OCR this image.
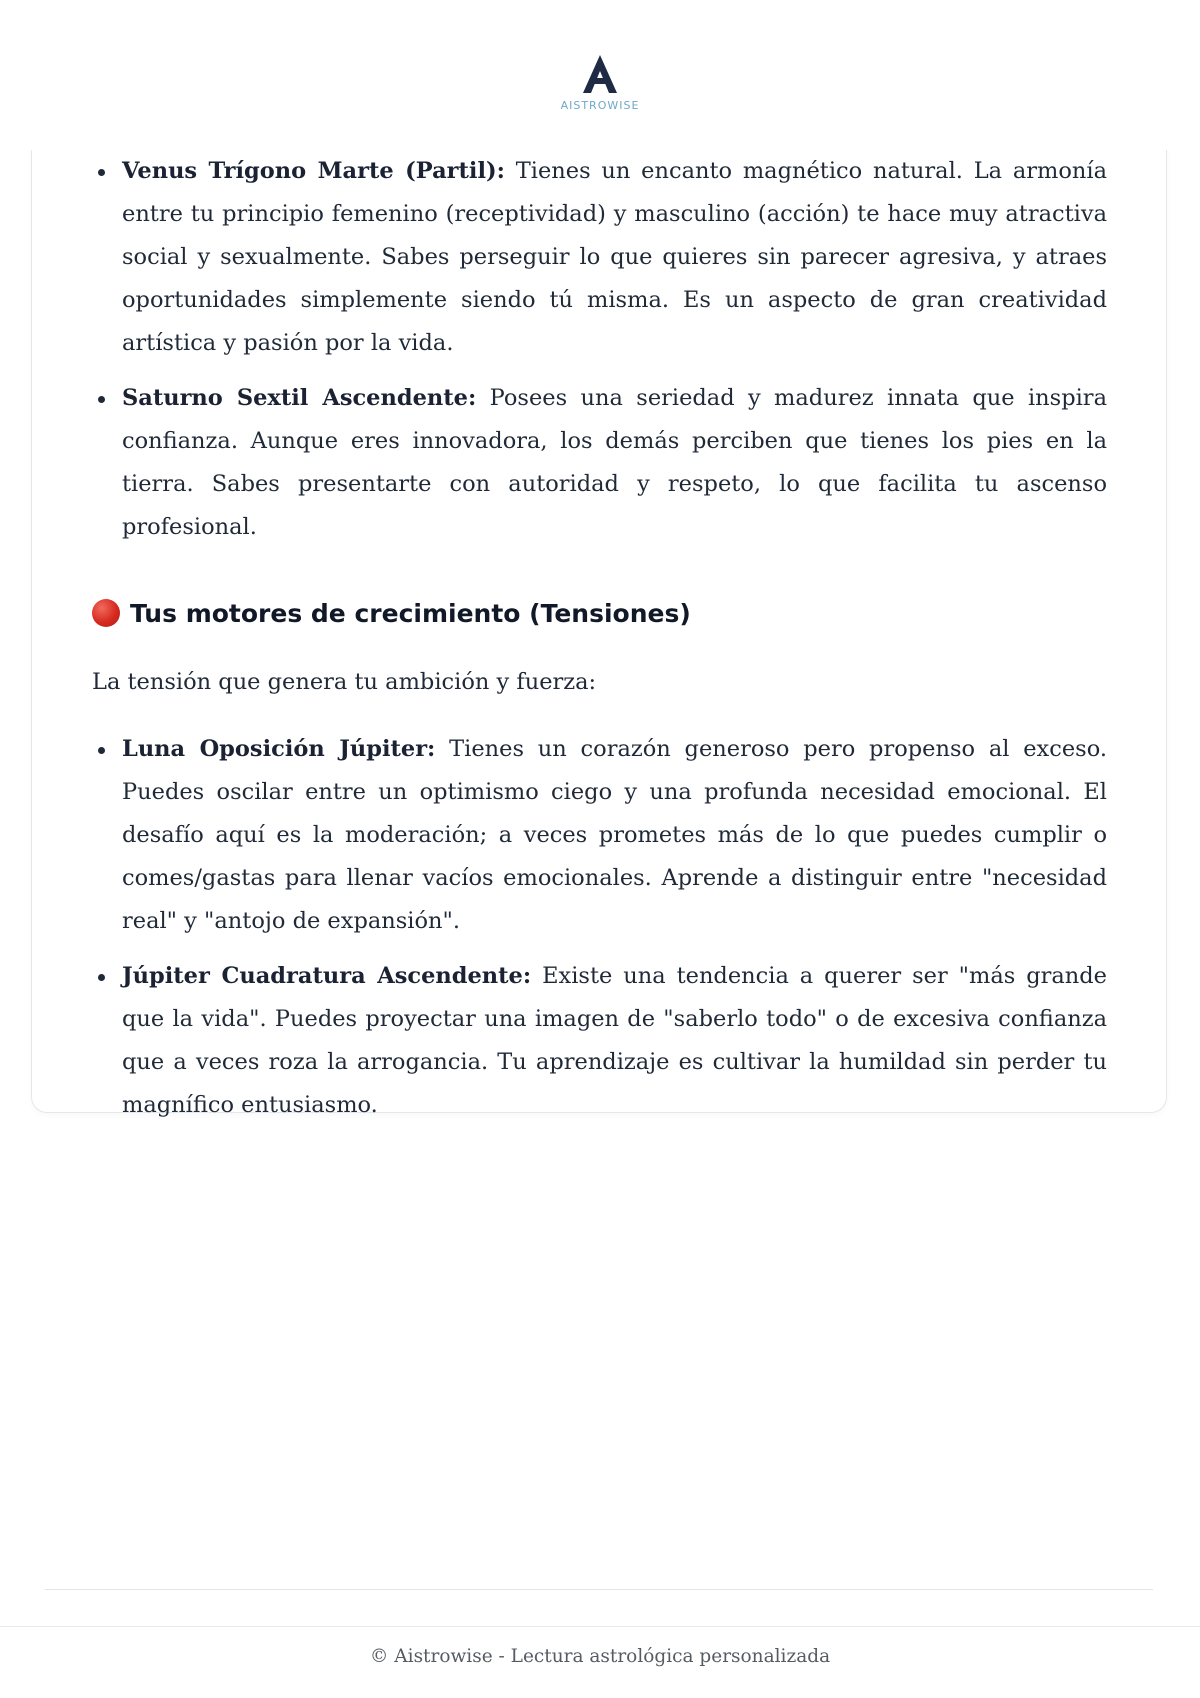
AISTROWISE
Venus Trígono Marte (Partil): Tienes un encanto magnético natural. La armonía entre tu principio femenino (receptividad) y masculino (acción) te hace muy atractiva social y sexualmente. Sabes perseguir lo que quieres sin parecer agresiva, y atraes oportunidades simplemente siendo tú misma. Es un aspecto de gran creatividad artística y pasión por la vida.
Saturno Sextil Ascendente: Posees una seriedad y madurez innata que inspira confianza. Aunque eres innovadora, los demás perciben que tienes los pies en la tierra. Sabes presentarte con autoridad y respeto, lo que facilita tu ascenso profesional.
Tus motores de crecimiento (Tensiones)

La tensión que genera tu ambición y fuerza:

Luna Oposición Júpiter: Tienes un corazón generoso pero propenso al exceso. Puedes oscilar entre un optimismo ciego y una profunda necesidad emocional. El desafío aquí es la moderación; a veces prometes más de lo que puedes cumplir o comes/gastas para llenar vacíos emocionales. Aprende a distinguir entre "necesidad real" y "antojo de expansión".
Júpiter Cuadratura Ascendente: Existe una tendencia a querer ser "más grande que la vida". Puedes proyectar una imagen de "saberlo todo" o de excesiva confianza que a veces roza la arrogancia. Tu aprendizaje es cultivar la humildad sin perder tu magnífico entusiasmo.
© Aistrowise - Lectura astrológica personalizada
